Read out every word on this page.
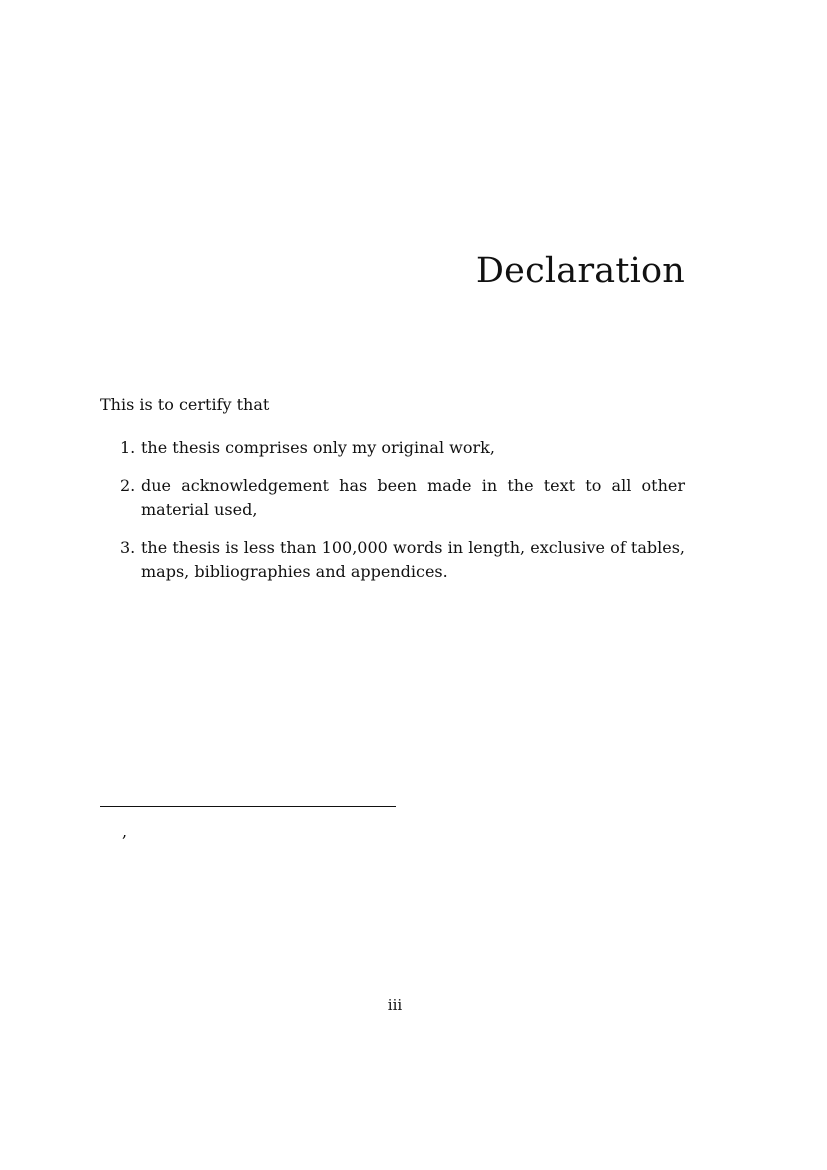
Declaration

This is to certify that

1. the thesis comprises only my original work,
2. due acknowledgement has been made in the text to all other material used,
3. the thesis is less than 100,000 words in length, exclusive of tables, maps, bibliographies and appendices.
,
iii
